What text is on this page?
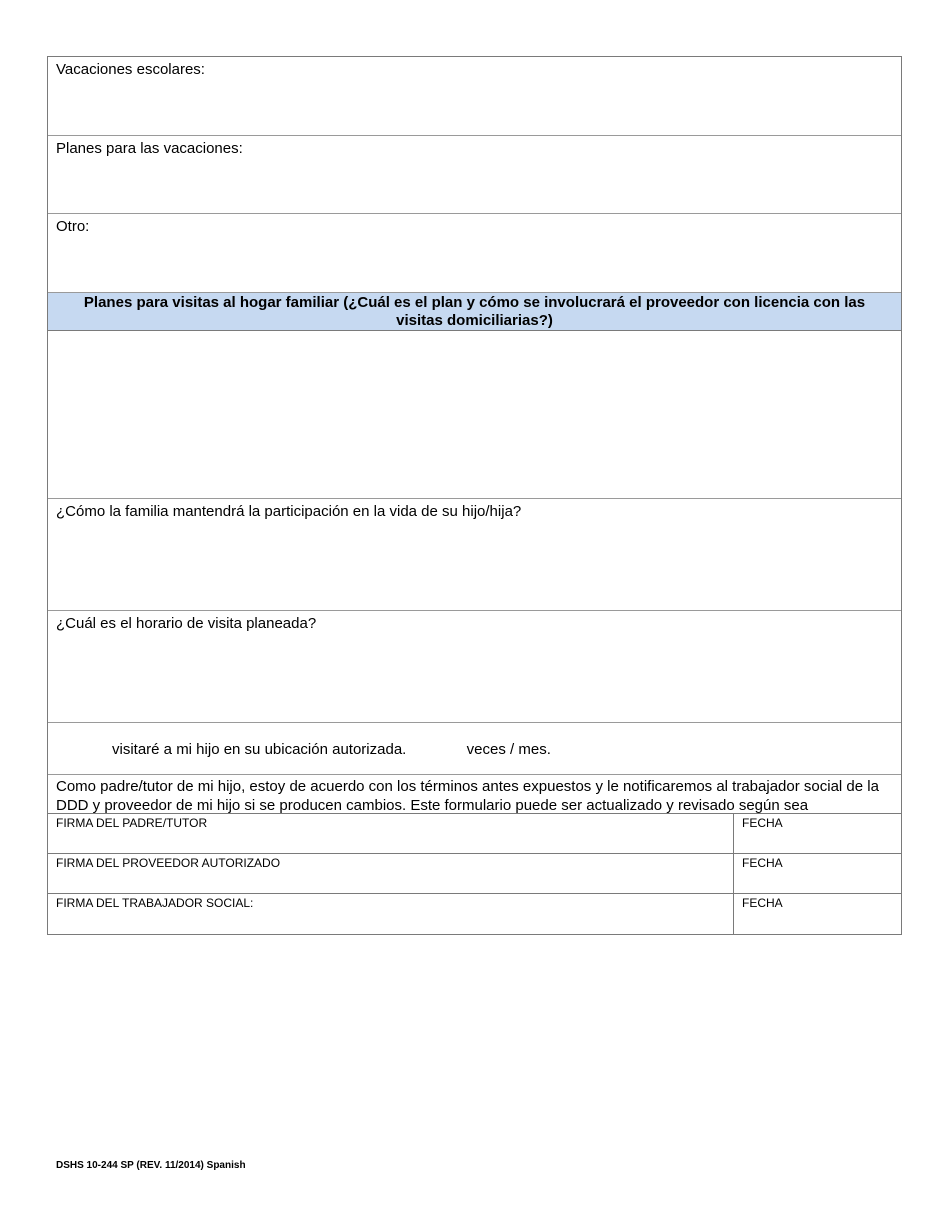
Vacaciones escolares:
Planes para las vacaciones:
Otro:
Planes para visitas al hogar familiar (¿Cuál es el plan y cómo se involucrará el proveedor con licencia con las visitas domiciliarias?)
¿Cómo la familia mantendrá la participación en la vida de su hijo/hija?
¿Cuál es el horario de visita planeada?
visitaré a mi hijo en su ubicación autorizada.	veces / mes.
Como padre/tutor de mi hijo, estoy de acuerdo con los términos antes expuestos y le notificaremos al trabajador social de la DDD y proveedor de mi hijo si se producen cambios. Este formulario puede ser actualizado y revisado según sea
FIRMA DEL PADRE/TUTOR	FECHA
FIRMA DEL PROVEEDOR AUTORIZADO	FECHA
FIRMA DEL TRABAJADOR SOCIAL:	FECHA
DSHS 10-244 SP (REV. 11/2014) Spanish
